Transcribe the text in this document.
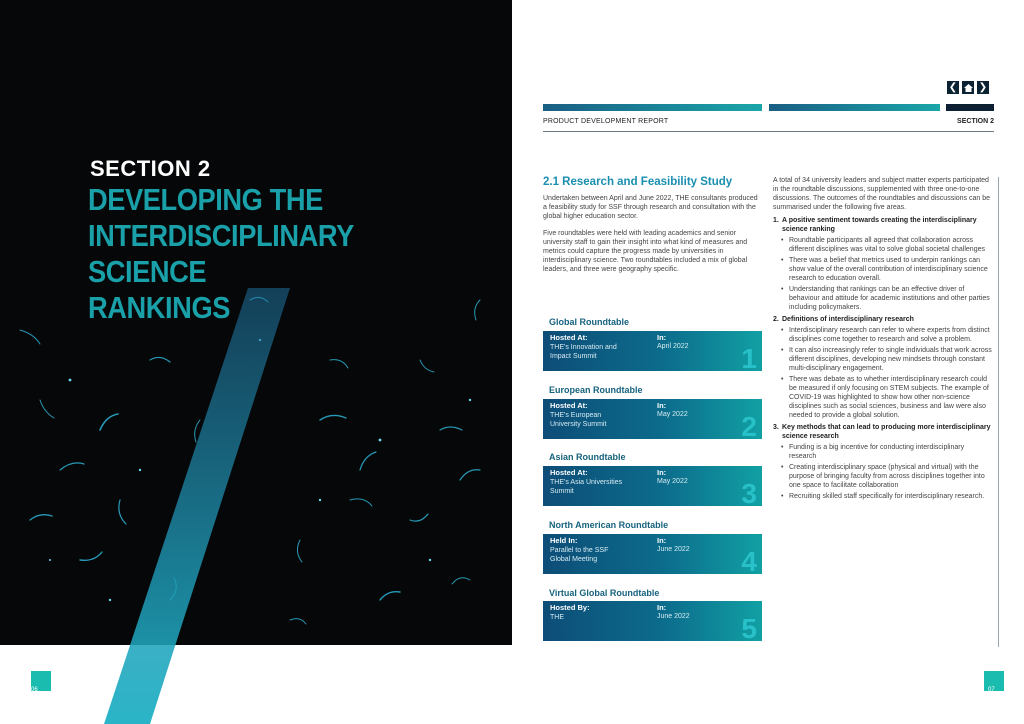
SECTION 2
DEVELOPING THE INTERDISCIPLINARY SCIENCE RANKINGS
06
❮ ❯
PRODUCT DEVELOPMENT REPORT	SECTION 2
2.1 Research and Feasibility Study
Undertaken between April and June 2022, THE consultants produced a feasibility study for SSF through research and consultation with the global higher education sector.
Five roundtables were held with leading academics and senior university staff to gain their insight into what kind of measures and metrics could capture the progress made by universities in interdisciplinary science. Two roundtables included a mix of global leaders, and three were geography specific.
Global Roundtable
Hosted At:
THE's Innovation and Impact Summit
In:
April 2022 1
European Roundtable
Hosted At:
THE's European University Summit
In:
May 2022 2
Asian Roundtable
Hosted At:
THE's Asia Universities Summit
In:
May 2022 3
North American Roundtable
Held In:
Parallel to the SSF Global Meeting
In:
June 2022 4
Virtual Global Roundtable
Hosted By:
THE
In:
June 2022 5
A total of 34 university leaders and subject matter experts participated in the roundtable discussions, supplemented with three one-to-one discussions. The outcomes of the roundtables and discussions can be summarised under the following five areas.
1. A positive sentiment towards creating the interdisciplinary science ranking
• Roundtable participants all agreed that collaboration across different disciplines was vital to solve global societal challenges
• There was a belief that metrics used to underpin rankings can show value of the overall contribution of interdisciplinary science research to education overall.
• Understanding that rankings can be an effective driver of behaviour and attitude for academic institutions and other parties including policymakers.
2. Definitions of interdisciplinary research
• Interdisciplinary research can refer to where experts from distinct disciplines come together to research and solve a problem.
• It can also increasingly refer to single individuals that work across different disciplines, developing new mindsets through constant multi-disciplinary engagement.
• There was debate as to whether interdisciplinary research could be measured if only focusing on STEM subjects. The example of COVID-19 was highlighted to show how other non-science disciplines such as social sciences, business and law were also needed to provide a global solution.
3. Key methods that can lead to producing more interdisciplinary science research
• Funding is a big incentive for conducting interdisciplinary research
• Creating interdisciplinary space (physical and virtual) with the purpose of bringing faculty from across disciplines together into one space to facilitate collaboration
• Recruiting skilled staff specifically for interdisciplinary research.
07
